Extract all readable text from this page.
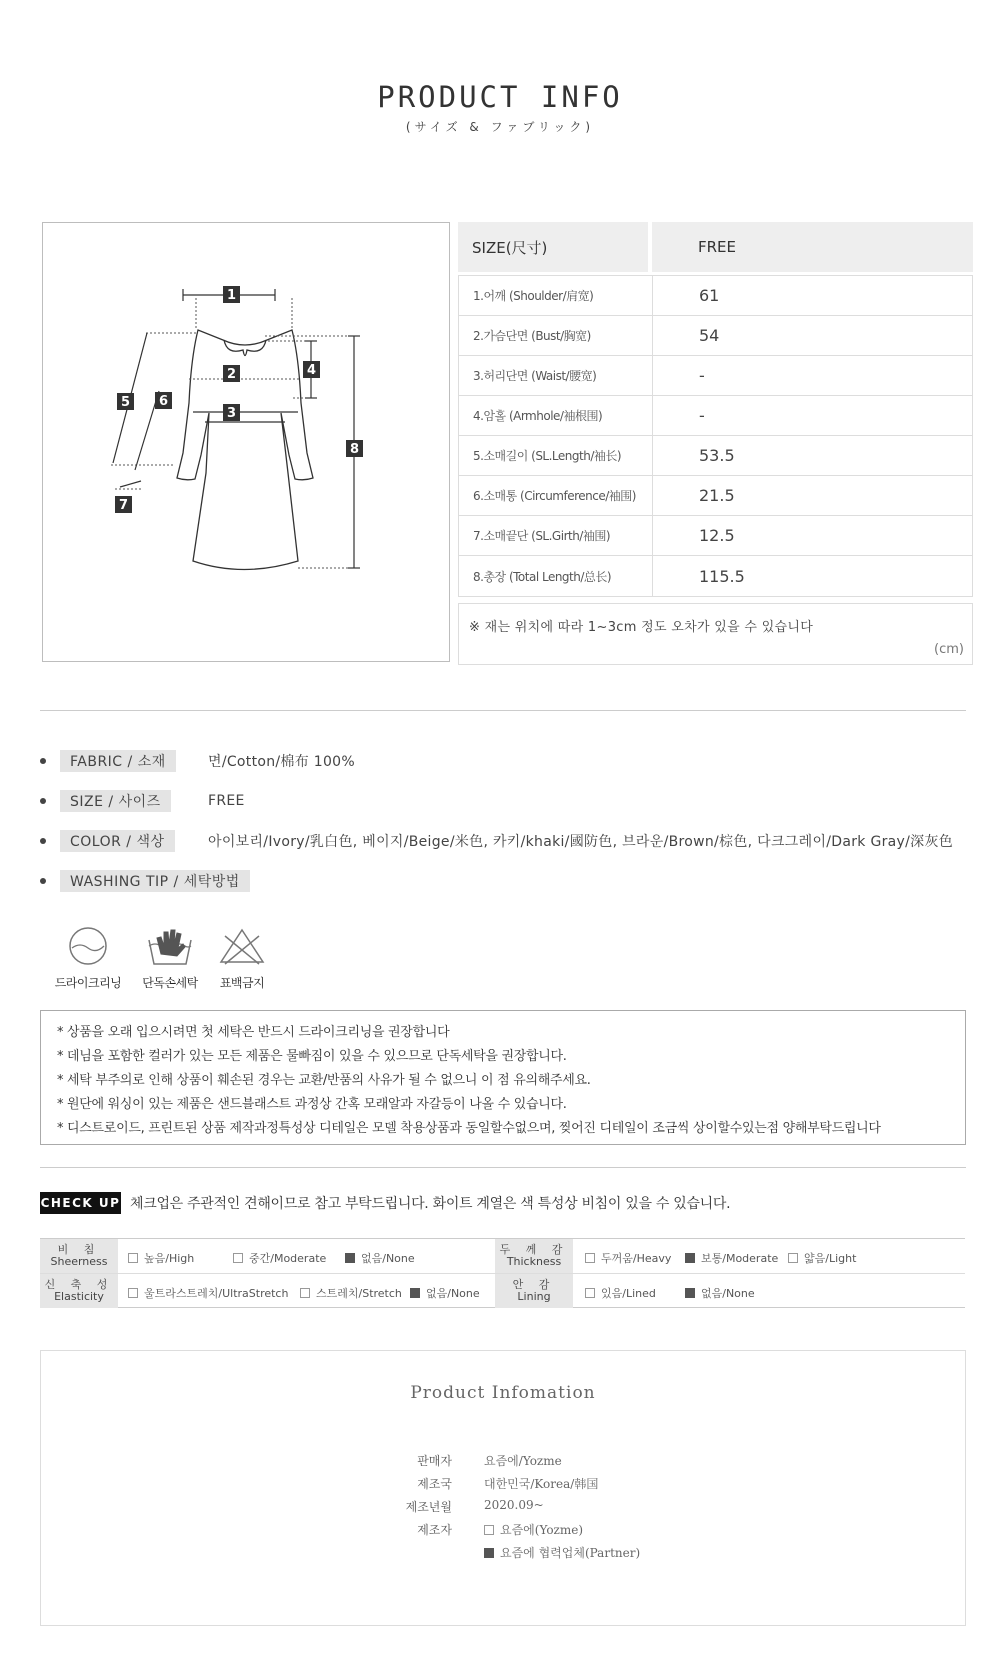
PRODUCT INFO
(サイズ & ファブリック)
1
2
3
4
5 6
7
8
SIZE(尺寸)	FREE
1.어깨 (Shoulder/肩宽)	61
2.가슴단면 (Bust/胸宽)	54
3.허리단면 (Waist/腰宽)	-
4.암홀 (Armhole/袖根围)	-
5.소매길이 (SL.Length/袖长)	53.5
6.소매통 (Circumference/袖围)	21.5
7.소매끝단 (SL.Girth/袖围)	12.5
8.총장 (Total Length/总长)	115.5
※ 재는 위치에 따라 1~3cm 정도 오차가 있을 수 있습니다
(cm)
FABRIC / 소재	면/Cotton/棉布 100%
SIZE / 사이즈	FREE
COLOR / 색상	아이보리/Ivory/乳白色, 베이지/Beige/米色, 카키/khaki/國防色, 브라운/Brown/棕色, 다크그레이/Dark Gray/深灰色
WASHING TIP / 세탁방법
드라이크리닝	단독손세탁	표백금지
* 상품을 오래 입으시려면 첫 세탁은 반드시 드라이크리닝을 권장합니다
* 데님을 포함한 컬러가 있는 모든 제품은 물빠짐이 있을 수 있으므로 단독세탁을 권장합니다.
* 세탁 부주의로 인해 상품이 훼손된 경우는 교환/반품의 사유가 될 수 없으니 이 점 유의해주세요.
* 원단에 워싱이 있는 제품은 샌드블래스트 과정상 간혹 모래알과 자갈등이 나올 수 있습니다.
* 디스트로이드, 프린트된 상품 제작과정특성상 디테일은 모델 착용상품과 동일할수없으며, 찢어진 디테일이 조금씩 상이할수있는점 양해부탁드립니다
CHECK UP 체크업은 주관적인 견해이므로 참고 부탁드립니다. 화이트 계열은 색 특성상 비침이 있을 수 있습니다.
비 침
Sheerness	높음/High	중간/Moderate	없음/None
두 께 감
Thickness	두꺼움/Heavy	보통/Moderate 얇음/Light
신 축 성
Elasticity	울트라스트레치/UltraStretch	스트레치/Stretch 없음/None
안 감
Lining	있음/Lined	없음/None
Product Infomation
판매자	요즘에/Yozme
제조국	대한민국/Korea/韩国
제조년월	2020.09~
제조자	요즘에(Yozme)
요즘에 협력업체(Partner)
